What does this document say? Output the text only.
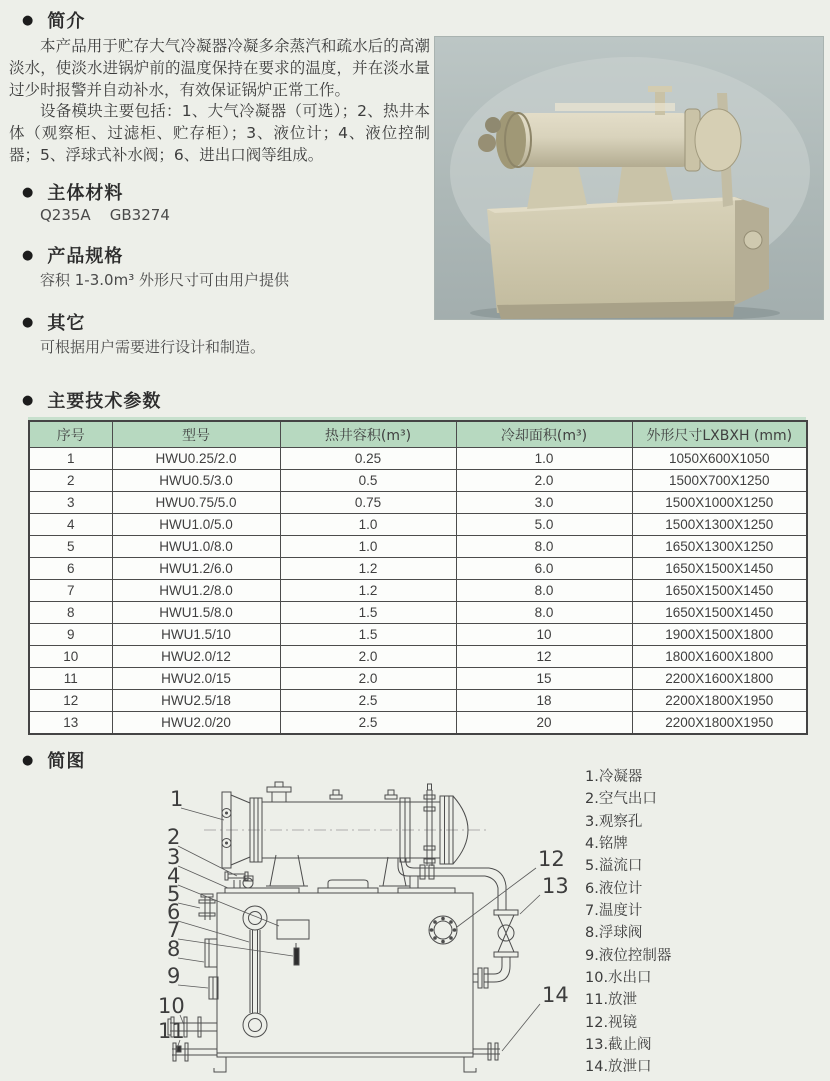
● 简介

本产品用于贮存大气冷凝器冷凝多余蒸汽和疏水后的高潮淡水，使淡水进锅炉前的温度保持在要求的温度，并在淡水量过少时报警并自动补水，有效保证锅炉正常工作。

设备模块主要包括：1、大气冷凝器（可选）；2、热井本体（观察柜、过滤柜、贮存柜）；3、液位计；4、液位控制器；5、浮球式补水阀；6、进出口阀等组成。

● 主体材料
Q235A    GB3274
● 产品规格
容积 1-3.0m³ 外形尺寸可由用户提供
● 其它
可根据用户需要进行设计和制造。
● 主要技术参数
序号	型号	热井容积(m³)	冷却面积(m³)	外形尺寸LXBXH (mm)
1	HWU0.25/2.0	0.25	1.0	1050X600X1050
2	HWU0.5/3.0	0.5	2.0	1500X700X1250
3	HWU0.75/5.0	0.75	3.0	1500X1000X1250
4	HWU1.0/5.0	1.0	5.0	1500X1300X1250
5	HWU1.0/8.0	1.0	8.0	1650X1300X1250
6	HWU1.2/6.0	1.2	6.0	1650X1500X1450
7	HWU1.2/8.0	1.2	8.0	1650X1500X1450
8	HWU1.5/8.0	1.5	8.0	1650X1500X1450
9	HWU1.5/10	1.5	10	1900X1500X1800
10	HWU2.0/12	2.0	12	1800X1600X1800
11	HWU2.0/15	2.0	15	2200X1600X1800
12	HWU2.5/18	2.5	18	2200X1800X1950
13	HWU2.0/20	2.5	20	2200X1800X1950
● 简图
1
2
3
4
5
6
7
8
9
10
11
12
13
14
1.冷凝器
2.空气出口
3.观察孔
4.铭牌
5.溢流口
6.液位计
7.温度计
8.浮球阀
9.液位控制器
10.水出口
11.放泄
12.视镜
13.截止阀
14.放泄口
